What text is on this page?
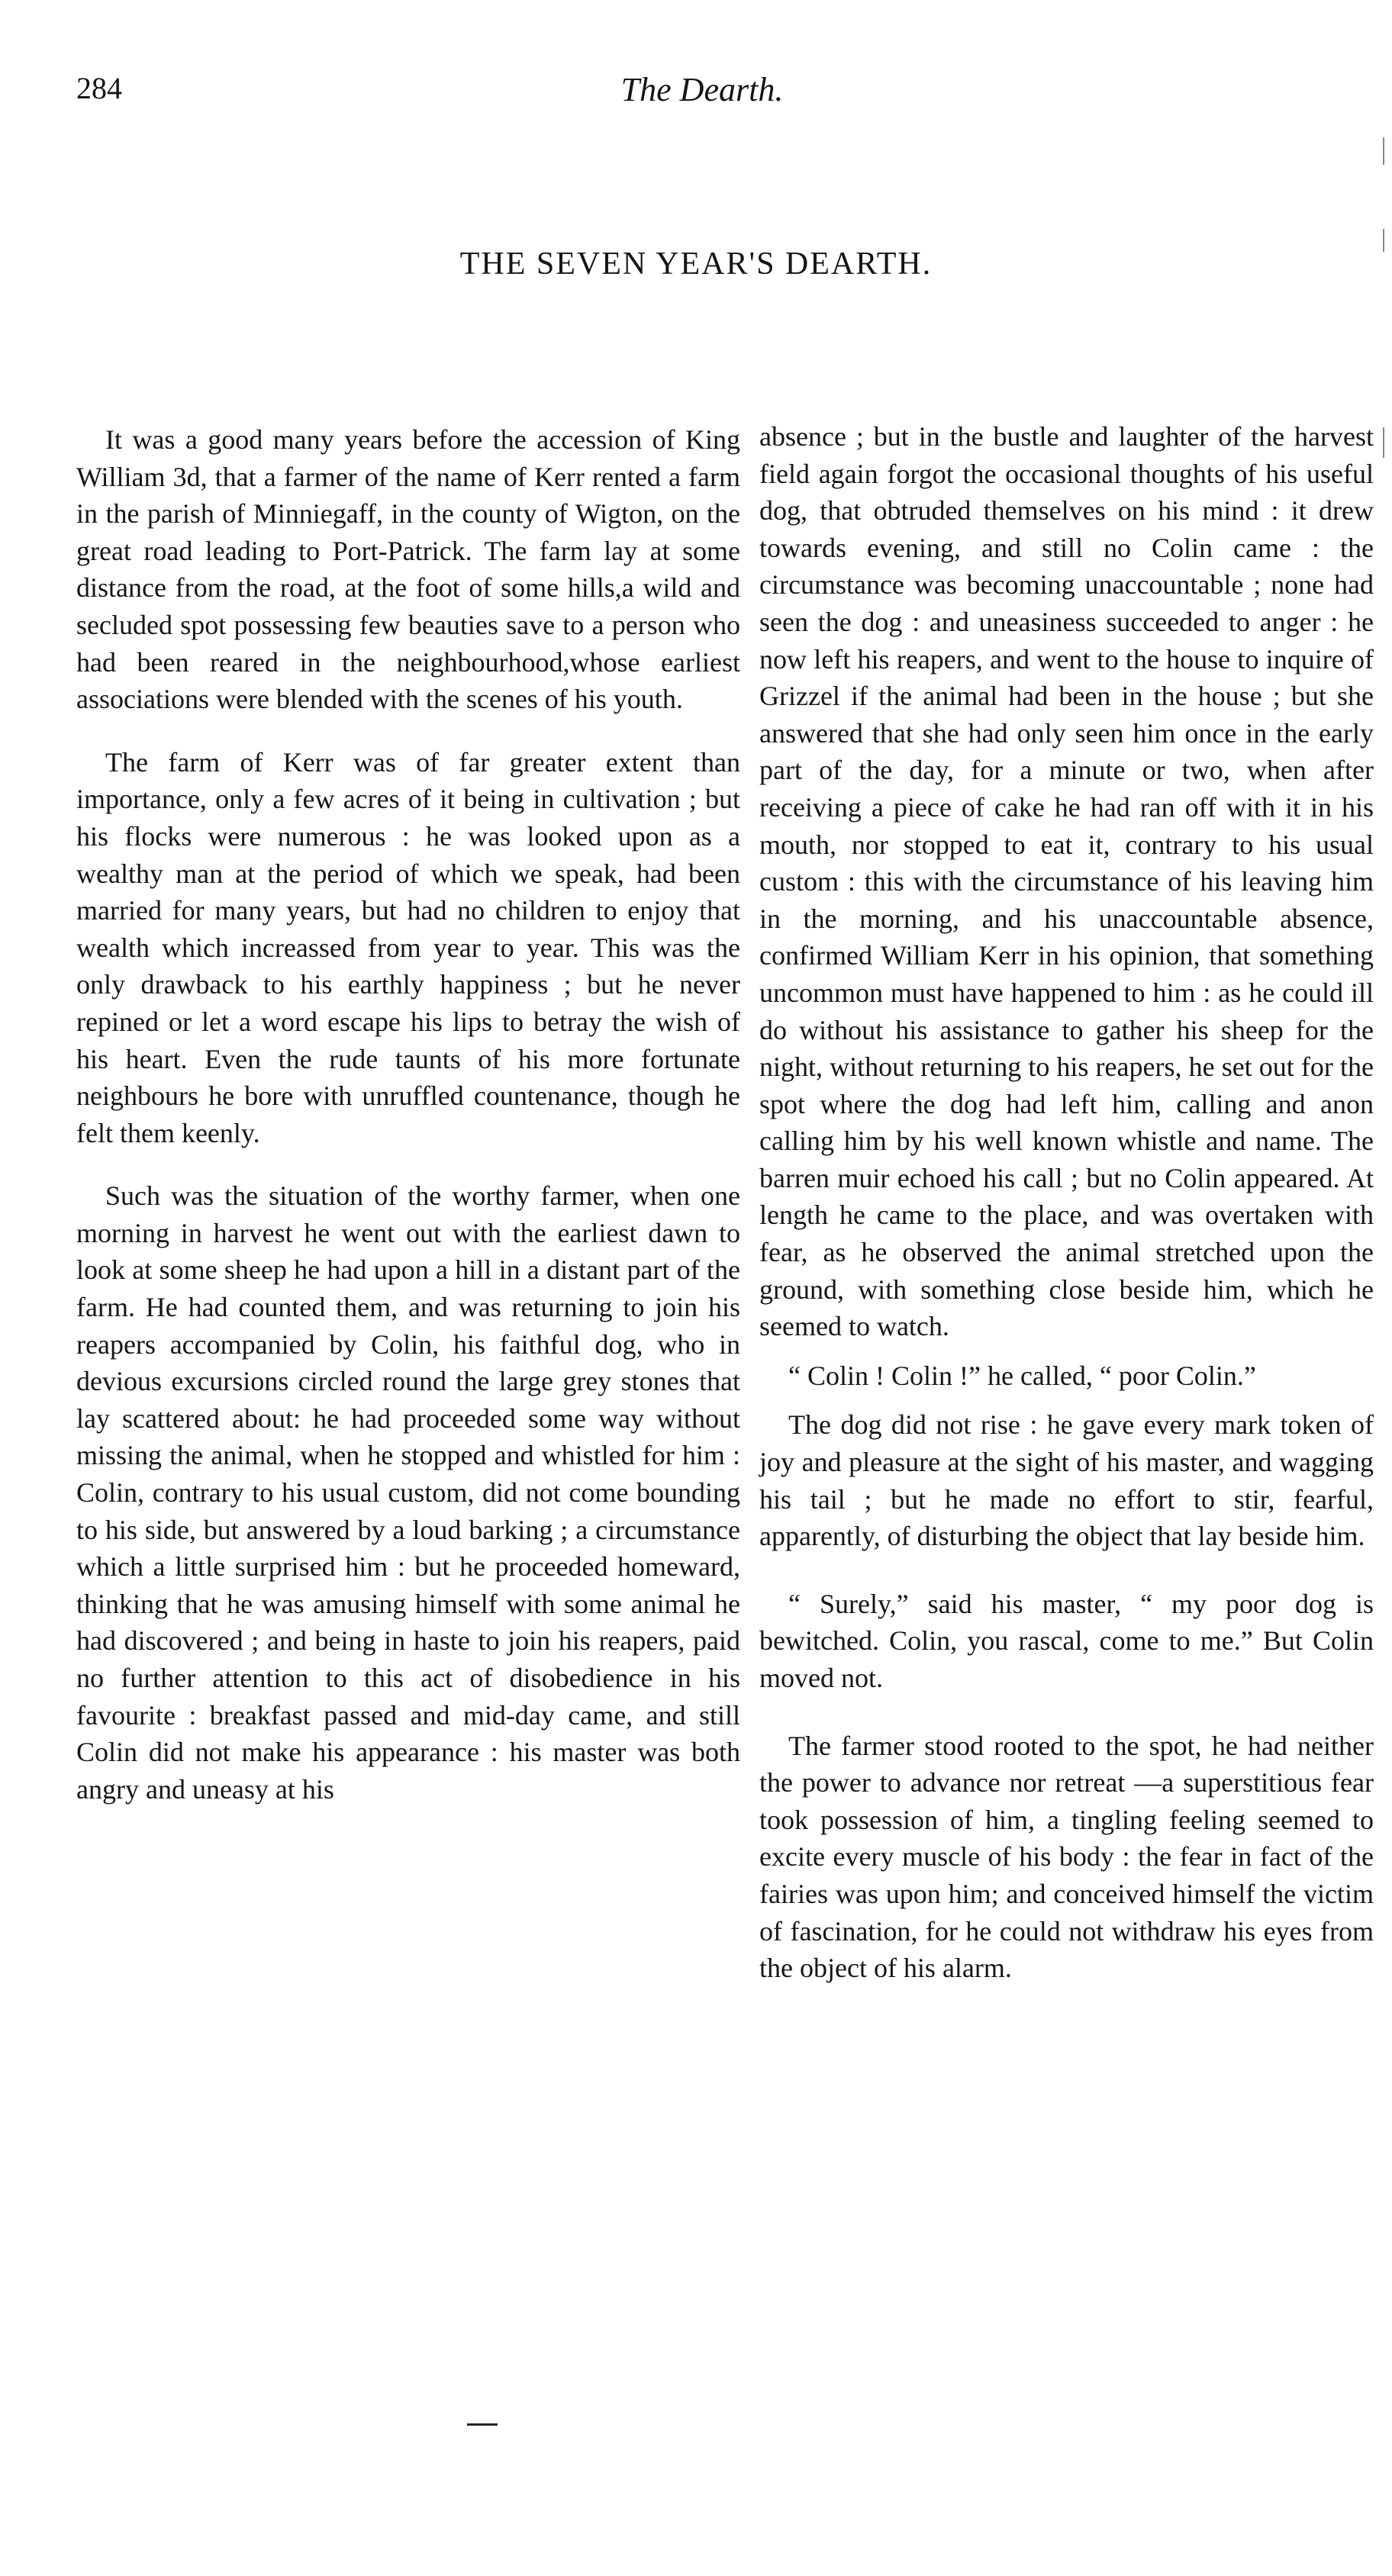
284	The Dearth.
THE SEVEN YEAR'S DEARTH.

It was a good many years before the accession of King William 3d, that a farmer of the name of Kerr rented a farm in the parish of Minniegaff, in the county of Wigton, on the great road leading to Port-Patrick. The farm lay at some distance from the road, at the foot of some hills,a wild and secluded spot possessing few beauties save to a person who had been reared in the neighbourhood,whose earliest associations were blended with the scenes of his youth.

The farm of Kerr was of far greater extent than importance, only a few acres of it being in cultivation ; but his flocks were numerous : he was looked upon as a wealthy man at the period of which we speak, had been married for many years, but had no children to enjoy that wealth which increassed from year to year. This was the only drawback to his earthly happiness ; but he never repined or let a word escape his lips to betray the wish of his heart. Even the rude taunts of his more fortunate neighbours he bore with unruffled countenance, though he felt them keenly.

Such was the situation of the worthy farmer, when one morning in harvest he went out with the earliest dawn to look at some sheep he had upon a hill in a distant part of the farm. He had counted them, and was returning to join his reapers accompanied by Colin, his faithful dog, who in devious excursions circled round the large grey stones that lay scattered about: he had proceeded some way without missing the animal, when he stopped and whistled for him : Colin, contrary to his usual custom, did not come bounding to his side, but answered by a loud barking ; a circumstance which a little surprised him : but he proceeded homeward, thinking that he was amusing himself with some animal he had discovered ; and being in haste to join his reapers, paid no further attention to this act of disobedience in his favourite : breakfast passed and mid-day came, and still Colin did not make his appearance : his master was both angry and uneasy at his

absence ; but in the bustle and laughter of the harvest field again forgot the occasional thoughts of his useful dog, that obtruded themselves on his mind : it drew towards evening, and still no Colin came : the circumstance was becoming unaccountable ; none had seen the dog : and uneasiness succeeded to anger : he now left his reapers, and went to the house to inquire of Grizzel if the animal had been in the house ; but she answered that she had only seen him once in the early part of the day, for a minute or two, when after receiving a piece of cake he had ran off with it in his mouth, nor stopped to eat it, contrary to his usual custom : this with the circumstance of his leaving him in the morning, and his unaccountable absence, confirmed William Kerr in his opinion, that something uncommon must have happened to him : as he could ill do without his assistance to gather his sheep for the night, without returning to his reapers, he set out for the spot where the dog had left him, calling and anon calling him by his well known whistle and name. The barren muir echoed his call ; but no Colin appeared. At length he came to the place, and was overtaken with fear, as he observed the animal stretched upon the ground, with something close beside him, which he seemed to watch.

“ Colin ! Colin !” he called, “ poor Colin.”

The dog did not rise : he gave every mark token of joy and pleasure at the sight of his master, and wagging his tail ; but he made no effort to stir, fearful, apparently, of disturbing the object that lay beside him.

“ Surely,” said his master, “ my poor dog is bewitched. Colin, you rascal, come to me.” But Colin moved not.

The farmer stood rooted to the spot, he had neither the power to advance nor retreat —a superstitious fear took possession of him, a tingling feeling seemed to excite every muscle of his body : the fear in fact of the fairies was upon him; and conceived himself the victim of fascination, for he could not withdraw his eyes from the object of his alarm.
